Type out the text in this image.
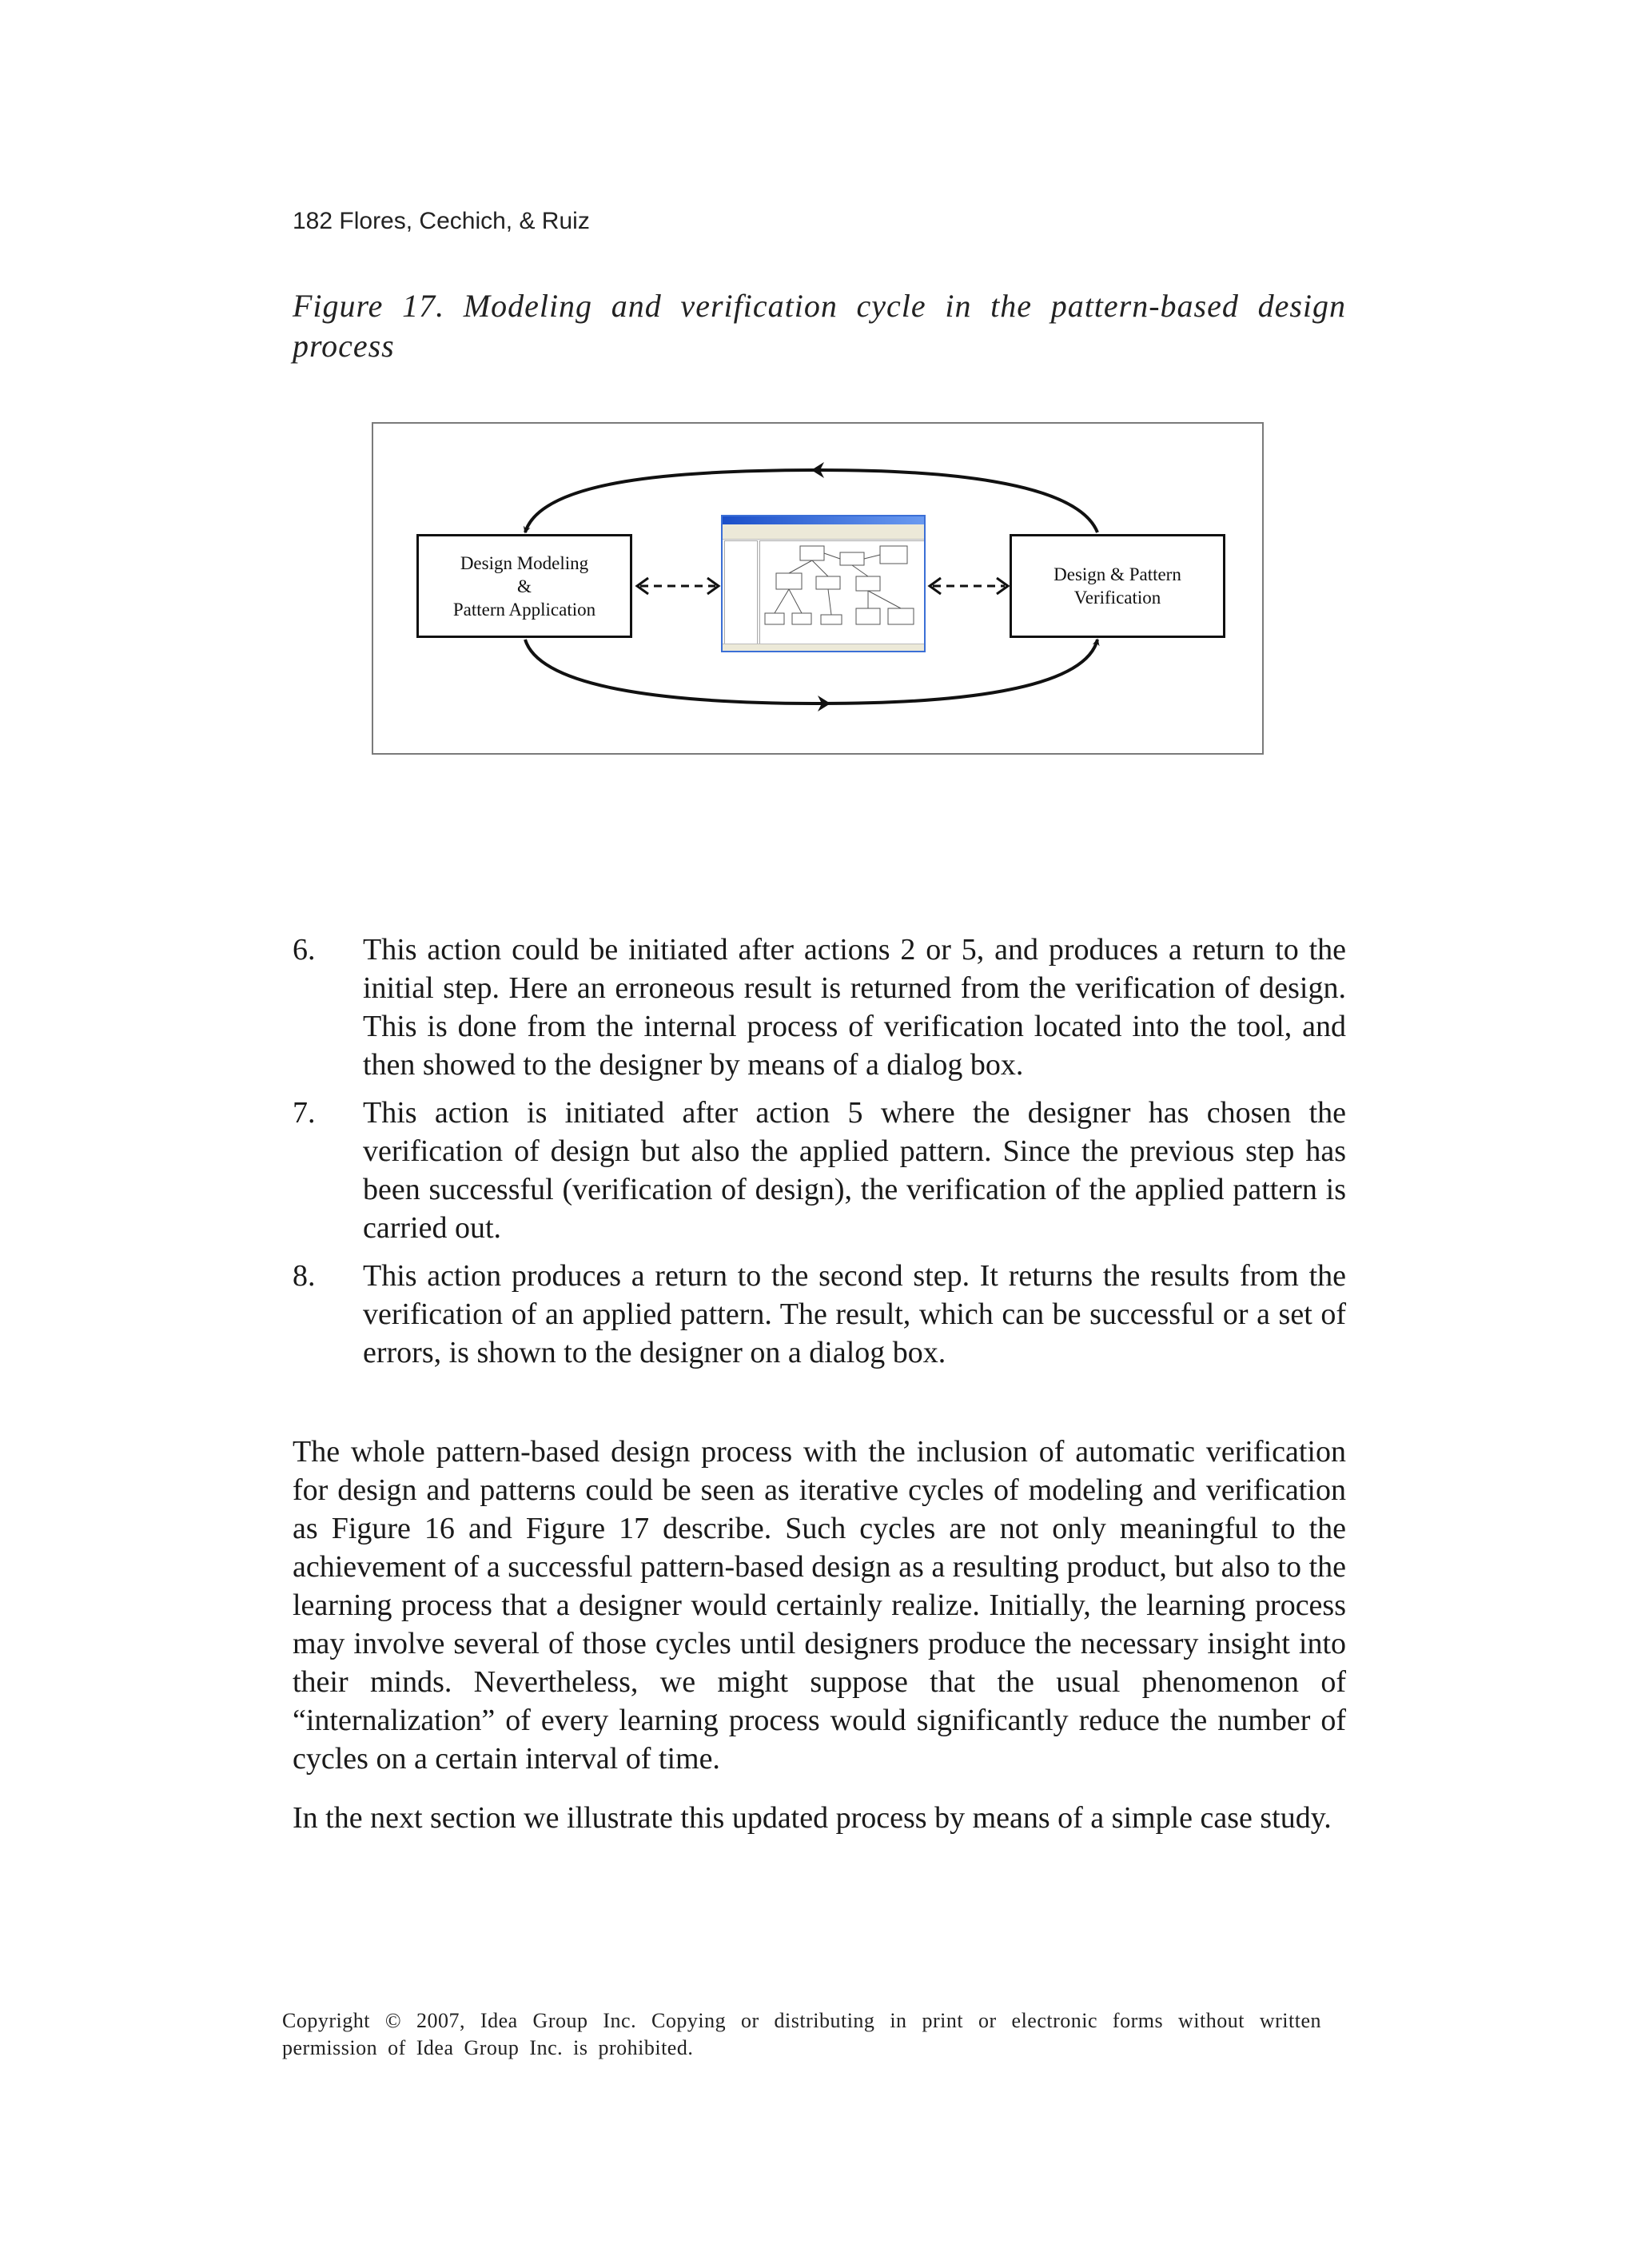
182 Flores, Cechich, & Ruiz
Figure 17. Modeling and verification cycle in the pattern-based design process
Design Modeling
&
Pattern Application
Design & Pattern
Verification
6. This action could be initiated after actions 2 or 5, and produces a return to the initial step. Here an erroneous result is returned from the verification of design. This is done from the internal process of verification located into the tool, and then showed to the designer by means of a dialog box.
7. This action is initiated after action 5 where the designer has chosen the verification of design but also the applied pattern. Since the previous step has been successful (verification of design), the verification of the applied pattern is carried out.
8. This action produces a return to the second step. It returns the results from the verification of an applied pattern. The result, which can be successful or a set of errors, is shown to the designer on a dialog box.
The whole pattern-based design process with the inclusion of automatic verification for design and patterns could be seen as iterative cycles of modeling and verification as Figure 16 and Figure 17 describe. Such cycles are not only meaningful to the achievement of a successful pattern-based design as a resulting product, but also to the learning process that a designer would certainly realize. Initially, the learning process may involve several of those cycles until designers produce the necessary insight into their minds. Nevertheless, we might suppose that the usual phenomenon of “internalization” of every learning process would significantly reduce the number of cycles on a certain interval of time.
In the next section we illustrate this updated process by means of a simple case study.
Copyright © 2007, Idea Group Inc. Copying or distributing in print or electronic forms without written permission of Idea Group Inc. is prohibited.
